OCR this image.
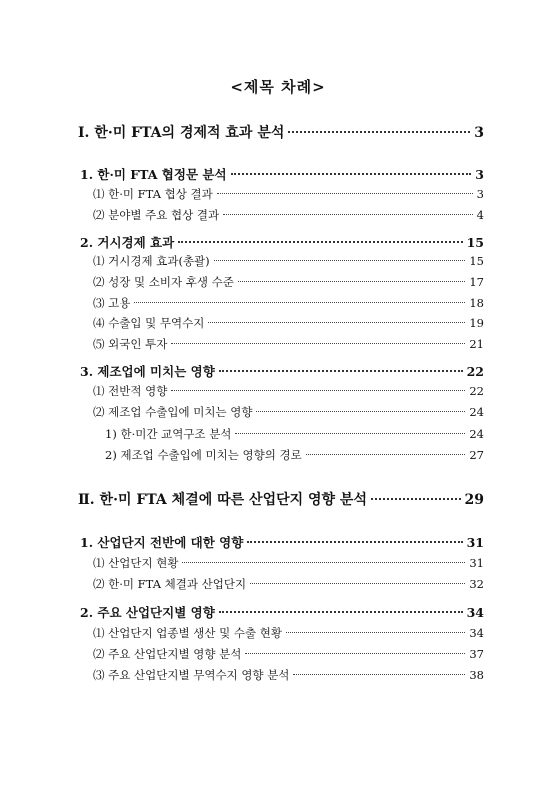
<제목 차례>
Ⅰ. 한·미 FTA의 경제적 효과 분석	3
1. 한·미 FTA 협정문 분석	3
⑴ 한·미 FTA 협상 결과	3
⑵ 분야별 주요 협상 결과	4
2. 거시경제 효과	15
⑴ 거시경제 효과(총괄)	15
⑵ 성장 및 소비자 후생 수준	17
⑶ 고용	18
⑷ 수출입 및 무역수지	19
⑸ 외국인 투자	21
3. 제조업에 미치는 영향	22
⑴ 전반적 영향	22
⑵ 제조업 수출입에 미치는 영향	24
1) 한·미간 교역구조 분석	24
2) 제조업 수출입에 미치는 영향의 경로	27
Ⅱ. 한·미 FTA 체결에 따른 산업단지 영향 분석	29
1. 산업단지 전반에 대한 영향	31
⑴ 산업단지 현황	31
⑵ 한·미 FTA 체결과 산업단지	32
2. 주요 산업단지별 영향	34
⑴ 산업단지 업종별 생산 및 수출 현황	34
⑵ 주요 산업단지별 영향 분석	37
⑶ 주요 산업단지별 무역수지 영향 분석	38
